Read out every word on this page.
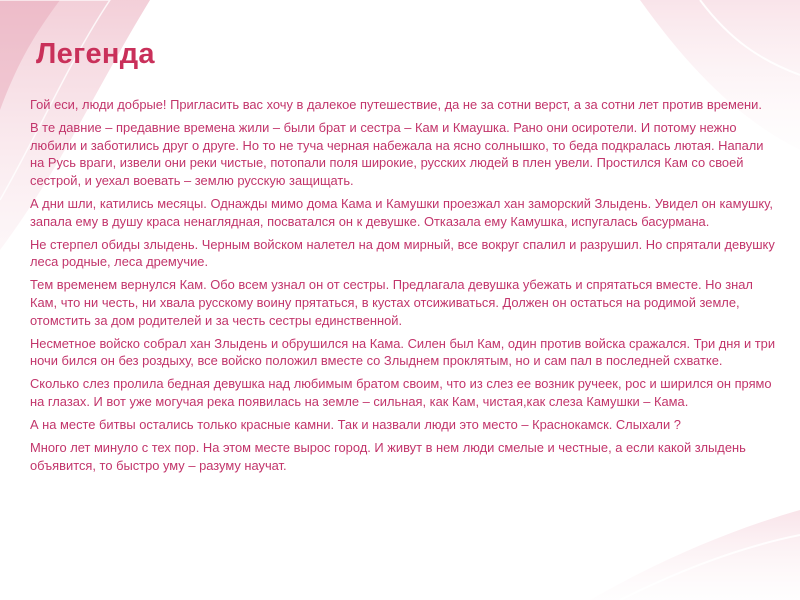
Легенда

Гой еси, люди добрые! Пригласить вас хочу в далекое путешествие, да не за сотни верст, а за сотни лет против времени.

В те давние – предавние времена жили – были брат и сестра – Кам и Кмаушка. Рано они осиротели. И потому нежно любили и заботились друг о друге. Но то не туча черная набежала на ясно солнышко, то беда подкралась лютая. Напали на Русь враги, извели они реки чистые, потопали поля широкие, русских людей в плен увели. Простился Кам со своей сестрой, и уехал воевать – землю русскую защищать.

А дни шли, катились месяцы. Однажды мимо дома Кама и Камушки проезжал хан заморский Злыдень. Увидел он камушку, запала ему в душу краса ненаглядная, посватался он к девушке. Отказала ему Камушка, испугалась басурмана.

Не стерпел обиды злыдень. Черным войском налетел на дом мирный, все вокруг спалил и разрушил. Но спрятали девушку леса родные, леса дремучие.

Тем временем вернулся Кам. Обо всем узнал он от сестры. Предлагала девушка убежать и спрятаться вместе. Но знал Кам, что ни честь, ни хвала русскому воину прятаться, в кустах отсиживаться. Должен он остаться на родимой земле, отомстить за дом родителей и за честь сестры единственной.

Несметное войско собрал хан Злыдень и обрушился на Кама. Силен был Кам, один против войска сражался. Три дня и три ночи бился он без роздыху, все войско положил вместе со Злыднем проклятым, но и сам пал в последней схватке.

Сколько слез пролила бедная девушка над любимым братом своим, что из слез ее возник ручеек, рос и ширился он прямо на глазах. И вот уже могучая река появилась на земле – сильная, как Кам, чистая,как слеза Камушки – Кама.

А на месте битвы остались только красные камни. Так и назвали люди это место – Краснокамск. Слыхали ?

Много лет минуло с тех пор. На этом месте вырос город. И живут в нем люди смелые и честные, а если какой злыдень объявится, то быстро уму – разуму научат.
